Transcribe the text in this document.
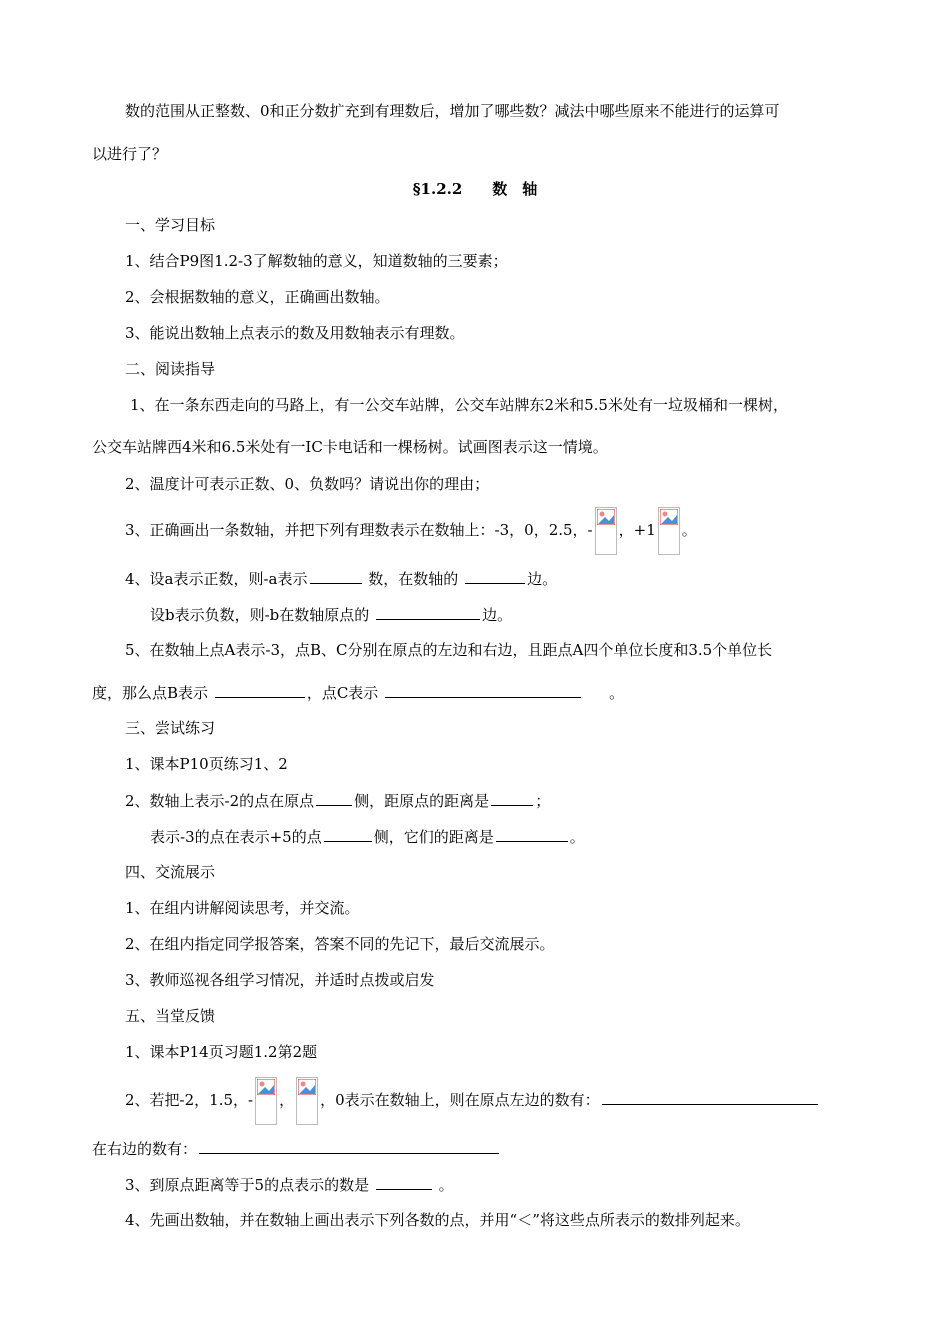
数的范围从正整数、0和正分数扩充到有理数后，增加了哪些数？减法中哪些原来不能进行的运算可
以进行了？
§1.2.2 数　轴
一、学习目标
1、结合P9图1.2-3了解数轴的意义，知道数轴的三要素；
2、会根据数轴的意义，正确画出数轴。
3、能说出数轴上点表示的数及用数轴表示有理数。
二、阅读指导
1、在一条东西走向的马路上，有一公交车站牌，公交车站牌东2米和5.5米处有一垃圾桶和一棵树，
公交车站牌西4米和6.5米处有一IC卡电话和一棵杨树。试画图表示这一情境。
2、温度计可表示正数、0、负数吗？请说出你的理由；
3、正确画出一条数轴，并把下列有理数表示在数轴上：-3，0，2.5，- ，+1 。
4、设a表示正数，则-a表示	数，在数轴的	边。
设b表示负数，则-b在数轴原点的	边。
5、在数轴上点A表示-3，点B、C分别在原点的左边和右边，且距点A四个单位长度和3.5个单位长
度，那么点B表示	，点C表示	。
三、尝试练习
1、课本P10页练习1、2
2、数轴上表示-2的点在原点	侧，距原点的距离是	；
表示-3的点在表示+5的点	侧，它们的距离是	。
四、交流展示
1、在组内讲解阅读思考，并交流。
2、在组内指定同学报答案，答案不同的先记下，最后交流展示。
3、教师巡视各组学习情况，并适时点拨或启发
五、当堂反馈
1、课本P14页习题1.2第2题
2、若把-2，1.5，- ， ，0表示在数轴上，则在原点左边的数有：
在右边的数有：
3、到原点距离等于5的点表示的数是	。
4、先画出数轴，并在数轴上画出表示下列各数的点，并用“＜”将这些点所表示的数排列起来。
